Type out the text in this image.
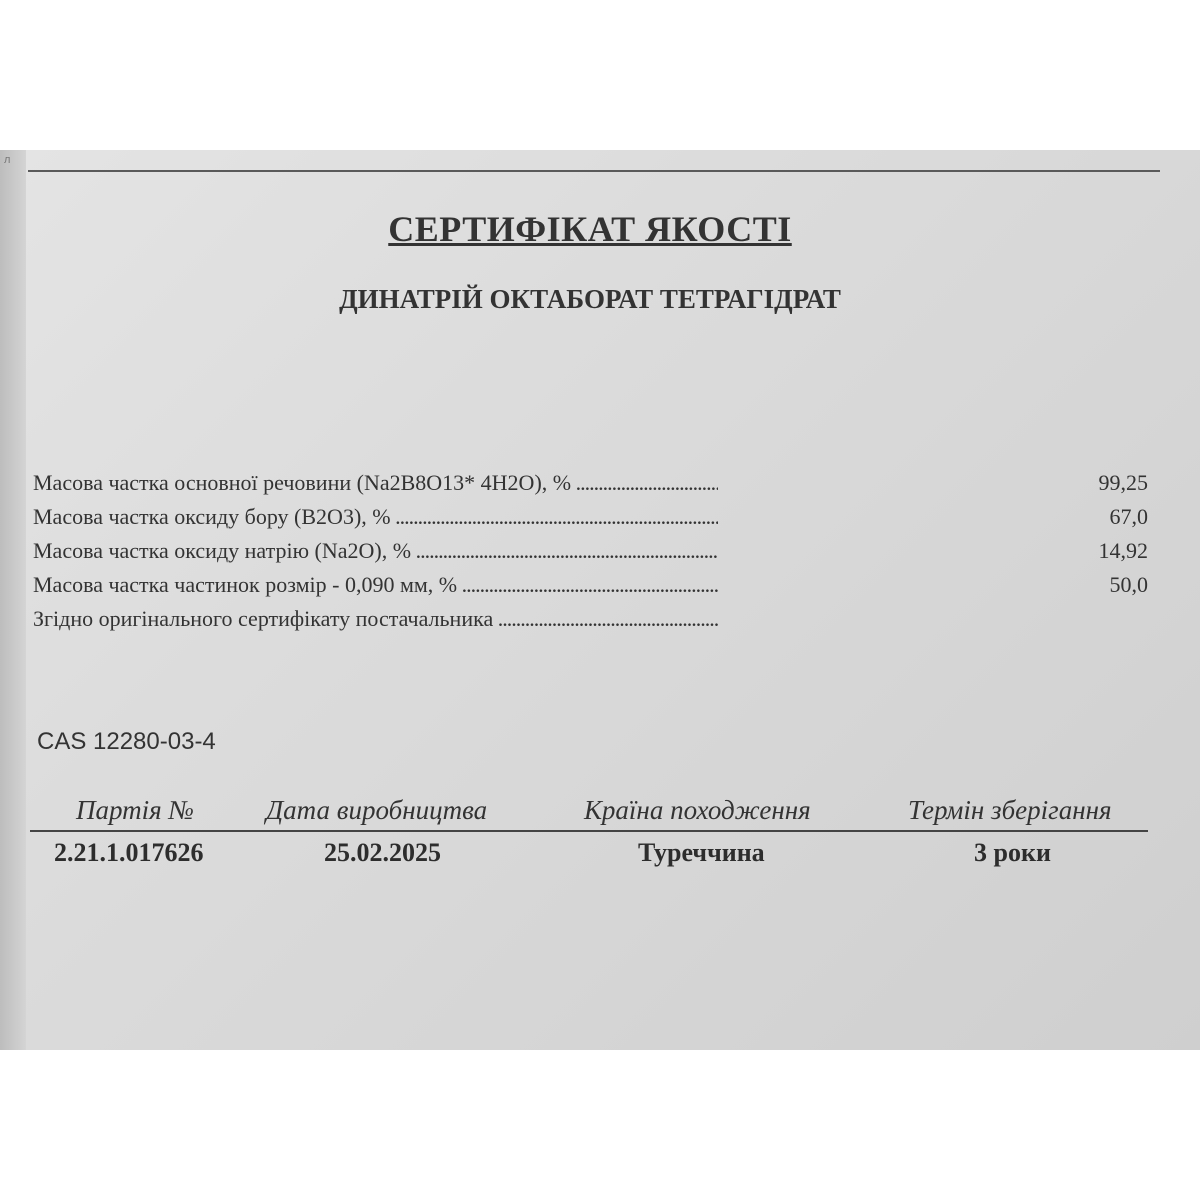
л
СЕРТИФІКАТ ЯКОСТІ
ДИНАТРІЙ ОКТАБОРАТ ТЕТРАГІДРАТ
Масова частка основної речовини (Na2B8O13* 4H2O), % .....	99,25
Масова частка оксиду бору (B2O3), % .....	67,0
Масова частка оксиду натрію (Na2O), % .....	14,92
Масова частка частинок розмір - 0,090 мм, % .....	50,0
Згідно оригінального сертифікату постачальника .....
CAS 12280-03-4
Партія №	Дата виробництва	Країна походження	Термін зберігання
2.21.1.017626	25.02.2025	Туреччина	3 роки
